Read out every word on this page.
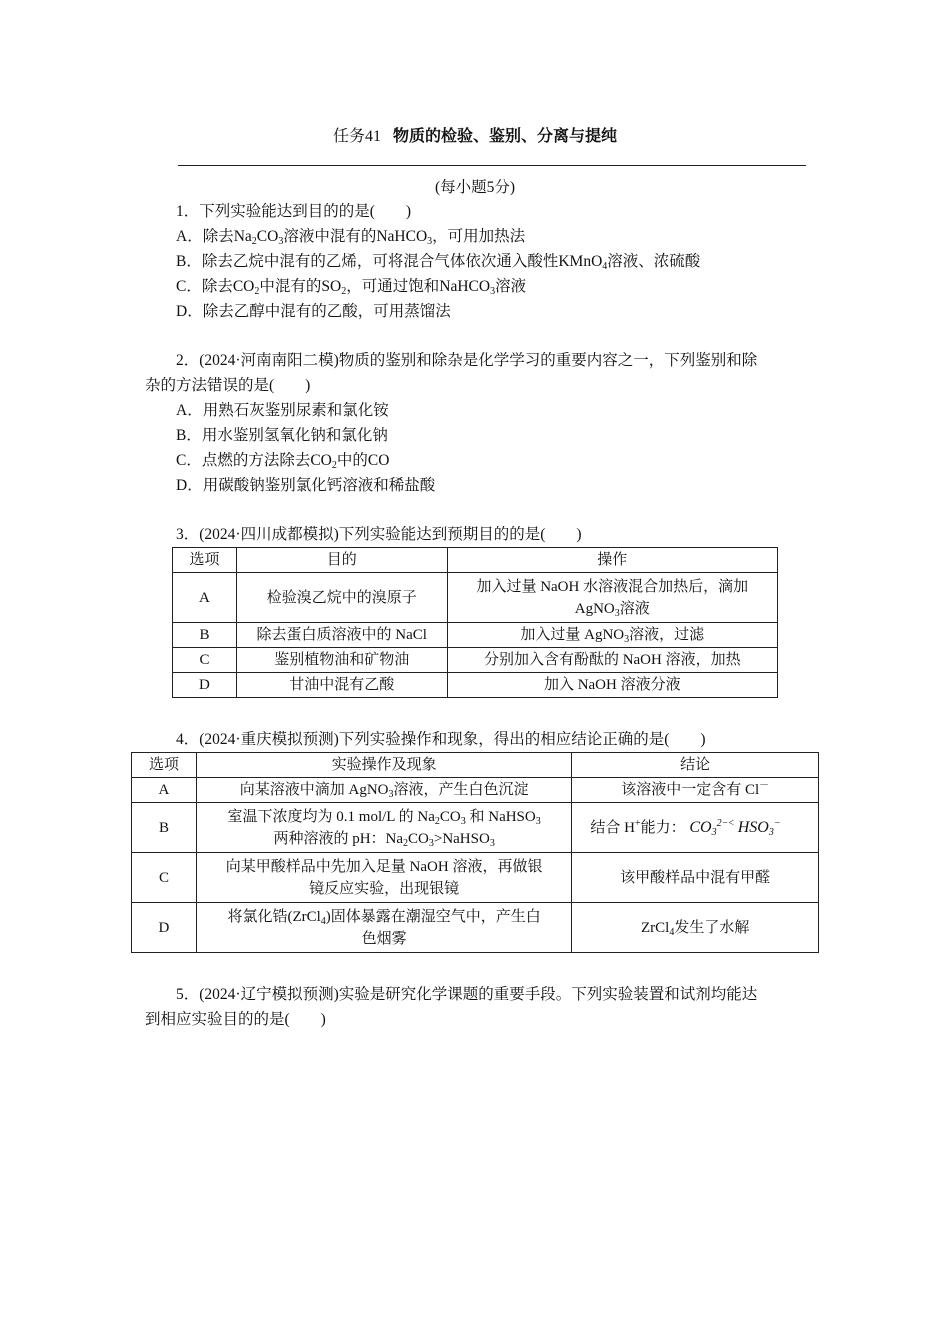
任务41 物质的检验、鉴别、分离与提纯
(每小题5分)
1．下列实验能达到目的的是(　　)
A．除去$Na_2CO_3$溶液中混有的NaHCO$_3$，可用加热法
B．除去乙烷中混有的乙烯，可将混合气体依次通入酸性KMnO$_4$溶液、浓硫酸
C．除去$CO_2$中混有的$SO_2$，可通过饱和NaHCO$_3$溶液
D．除去乙醇中混有的乙酸，可用蒸馏法
2．(2024·河南南阳二模)物质的鉴别和除杂是化学学习的重要内容之一，下列鉴别和除
杂的方法错误的是(　　)
A．用熟石灰鉴别尿素和氯化铵
B．用水鉴别氢氧化钠和氯化钠
C．点燃的方法除去$CO_2$中的CO
D．用碳酸钠鉴别氯化钙溶液和稀盐酸
3．(2024·四川成都模拟)下列实验能达到预期目的的是(　　)
选项	目的	操作
A	检验溴乙烷中的溴原子	加入过量 NaOH 水溶液混合加热后，滴加
AgNO$_3$溶液
B	除去蛋白质溶液中的 NaCl	加入过量 AgNO$_3$溶液，过滤
C	鉴别植物油和矿物油	分别加入含有酚酞的 NaOH 溶液，加热
D	甘油中混有乙酸	加入 NaOH 溶液分液
4．(2024·重庆模拟预测)下列实验操作和现象，得出的相应结论正确的是(　　)
选项	实验操作及现象	结论
A	向某溶液中滴加 AgNO$_3$溶液，产生白色沉淀	该溶液中一定含有 Cl－
B	室温下浓度均为 0.1 mol/L 的 $Na_2CO_3$ 和 NaHSO$_3$
两种溶液的 pH：$Na_2CO_3>NaHSO_3$	结合 H+能力： $CO_3^{2-<}$ $HSO_3^-$
C	向某甲酸样品中先加入足量 NaOH 溶液，再做银
镜反应实验，出现银镜	该甲酸样品中混有甲醛
D	将氯化锆(ZrCl$_4$)固体暴露在潮湿空气中，产生白
色烟雾	ZrCl$_4$发生了水解
5．(2024·辽宁模拟预测)实验是研究化学课题的重要手段。下列实验装置和试剂均能达
到相应实验目的的是(　　)
